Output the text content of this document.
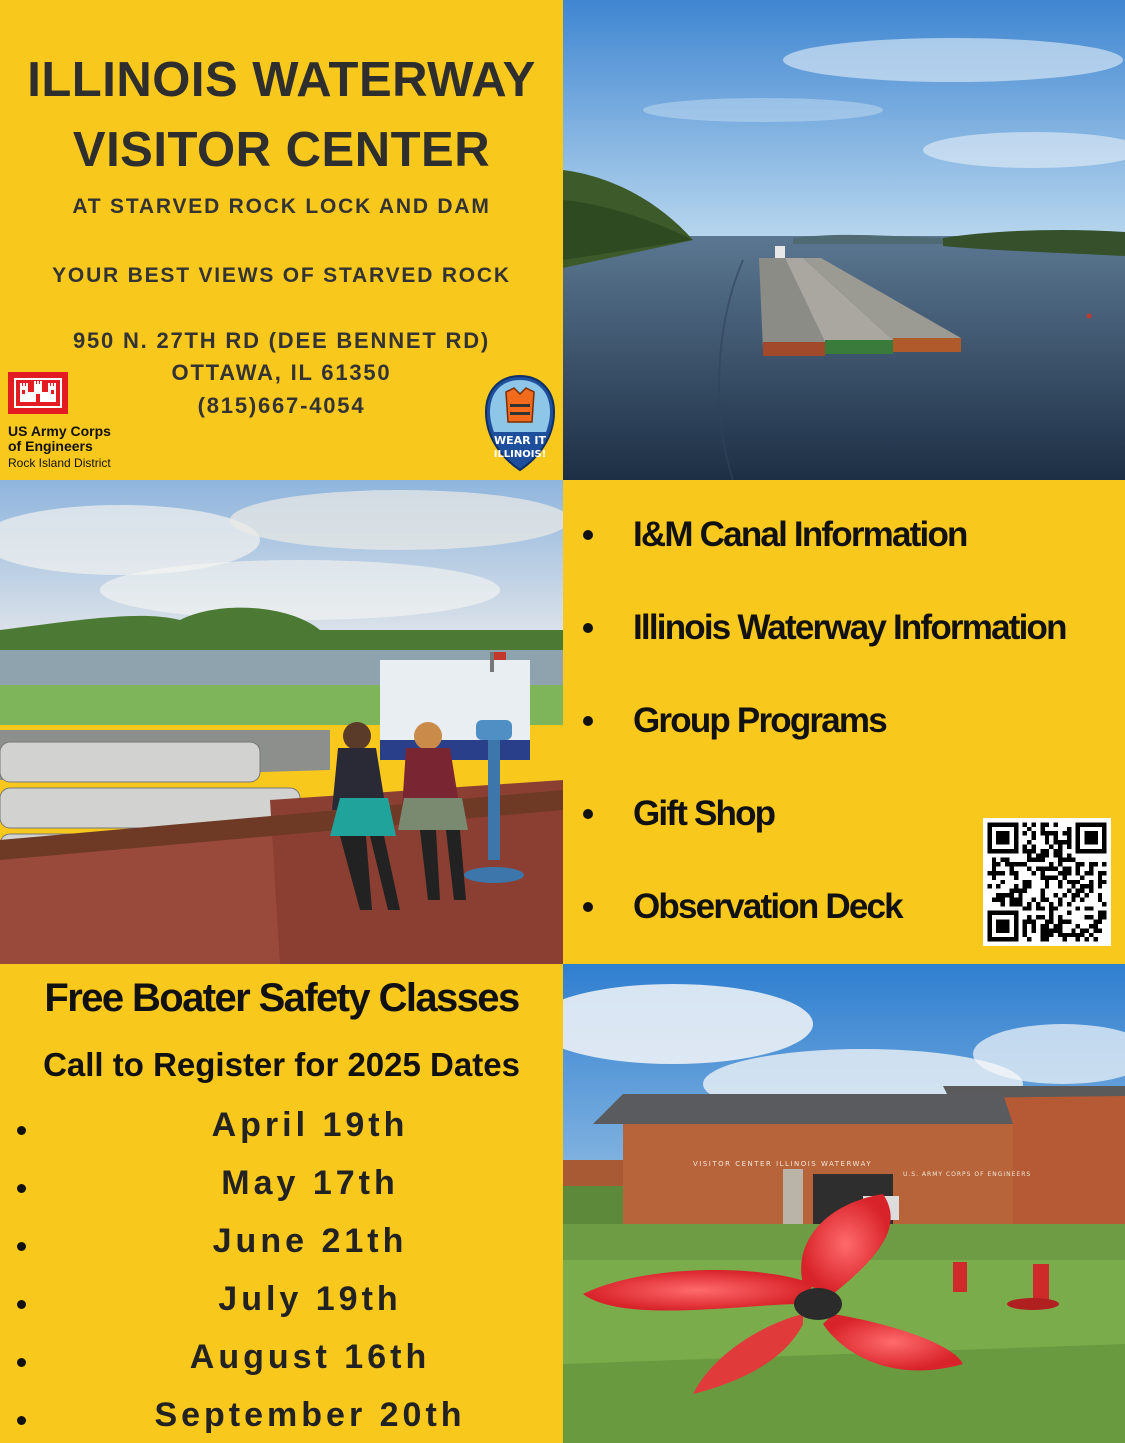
ILLINOIS WATERWAY
VISITOR CENTER
AT STARVED ROCK LOCK AND DAM
YOUR BEST VIEWS OF STARVED ROCK
950 N. 27TH RD (DEE BENNET RD)
OTTAWA, IL 61350
(815)667-4054
US Army Corps
of Engineers
Rock Island District
WEAR IT
ILLINOIS!
I&M Canal Information
Illinois Waterway Information
Group Programs
Gift Shop
Observation Deck
Free Boater Safety Classes
Call to Register for 2025 Dates
April 19th
May 17th
June 21th
July 19th
August 16th
September 20th
VISITOR CENTER ILLINOIS WATERWAY
U.S. ARMY CORPS OF ENGINEERS
